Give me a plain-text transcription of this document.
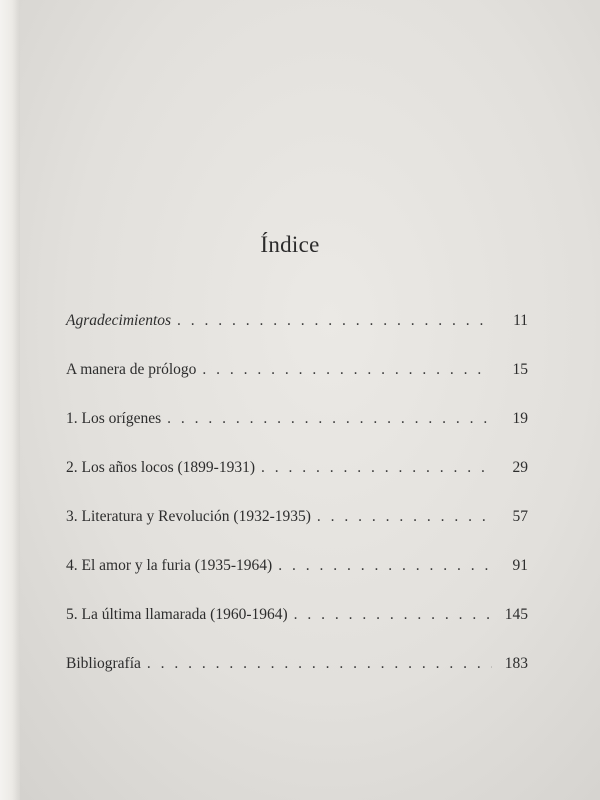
Índice
Agradecimientos . . .	11
A manera de prólogo . . .	15
1. Los orígenes . . .	19
2. Los años locos (1899-1931) . . .	29
3. Literatura y Revolución (1932-1935) . . .	57
4. El amor y la furia (1935-1964) . . .	91
5. La última llamarada (1960-1964) . . .	145
Bibliografía . . .	183
